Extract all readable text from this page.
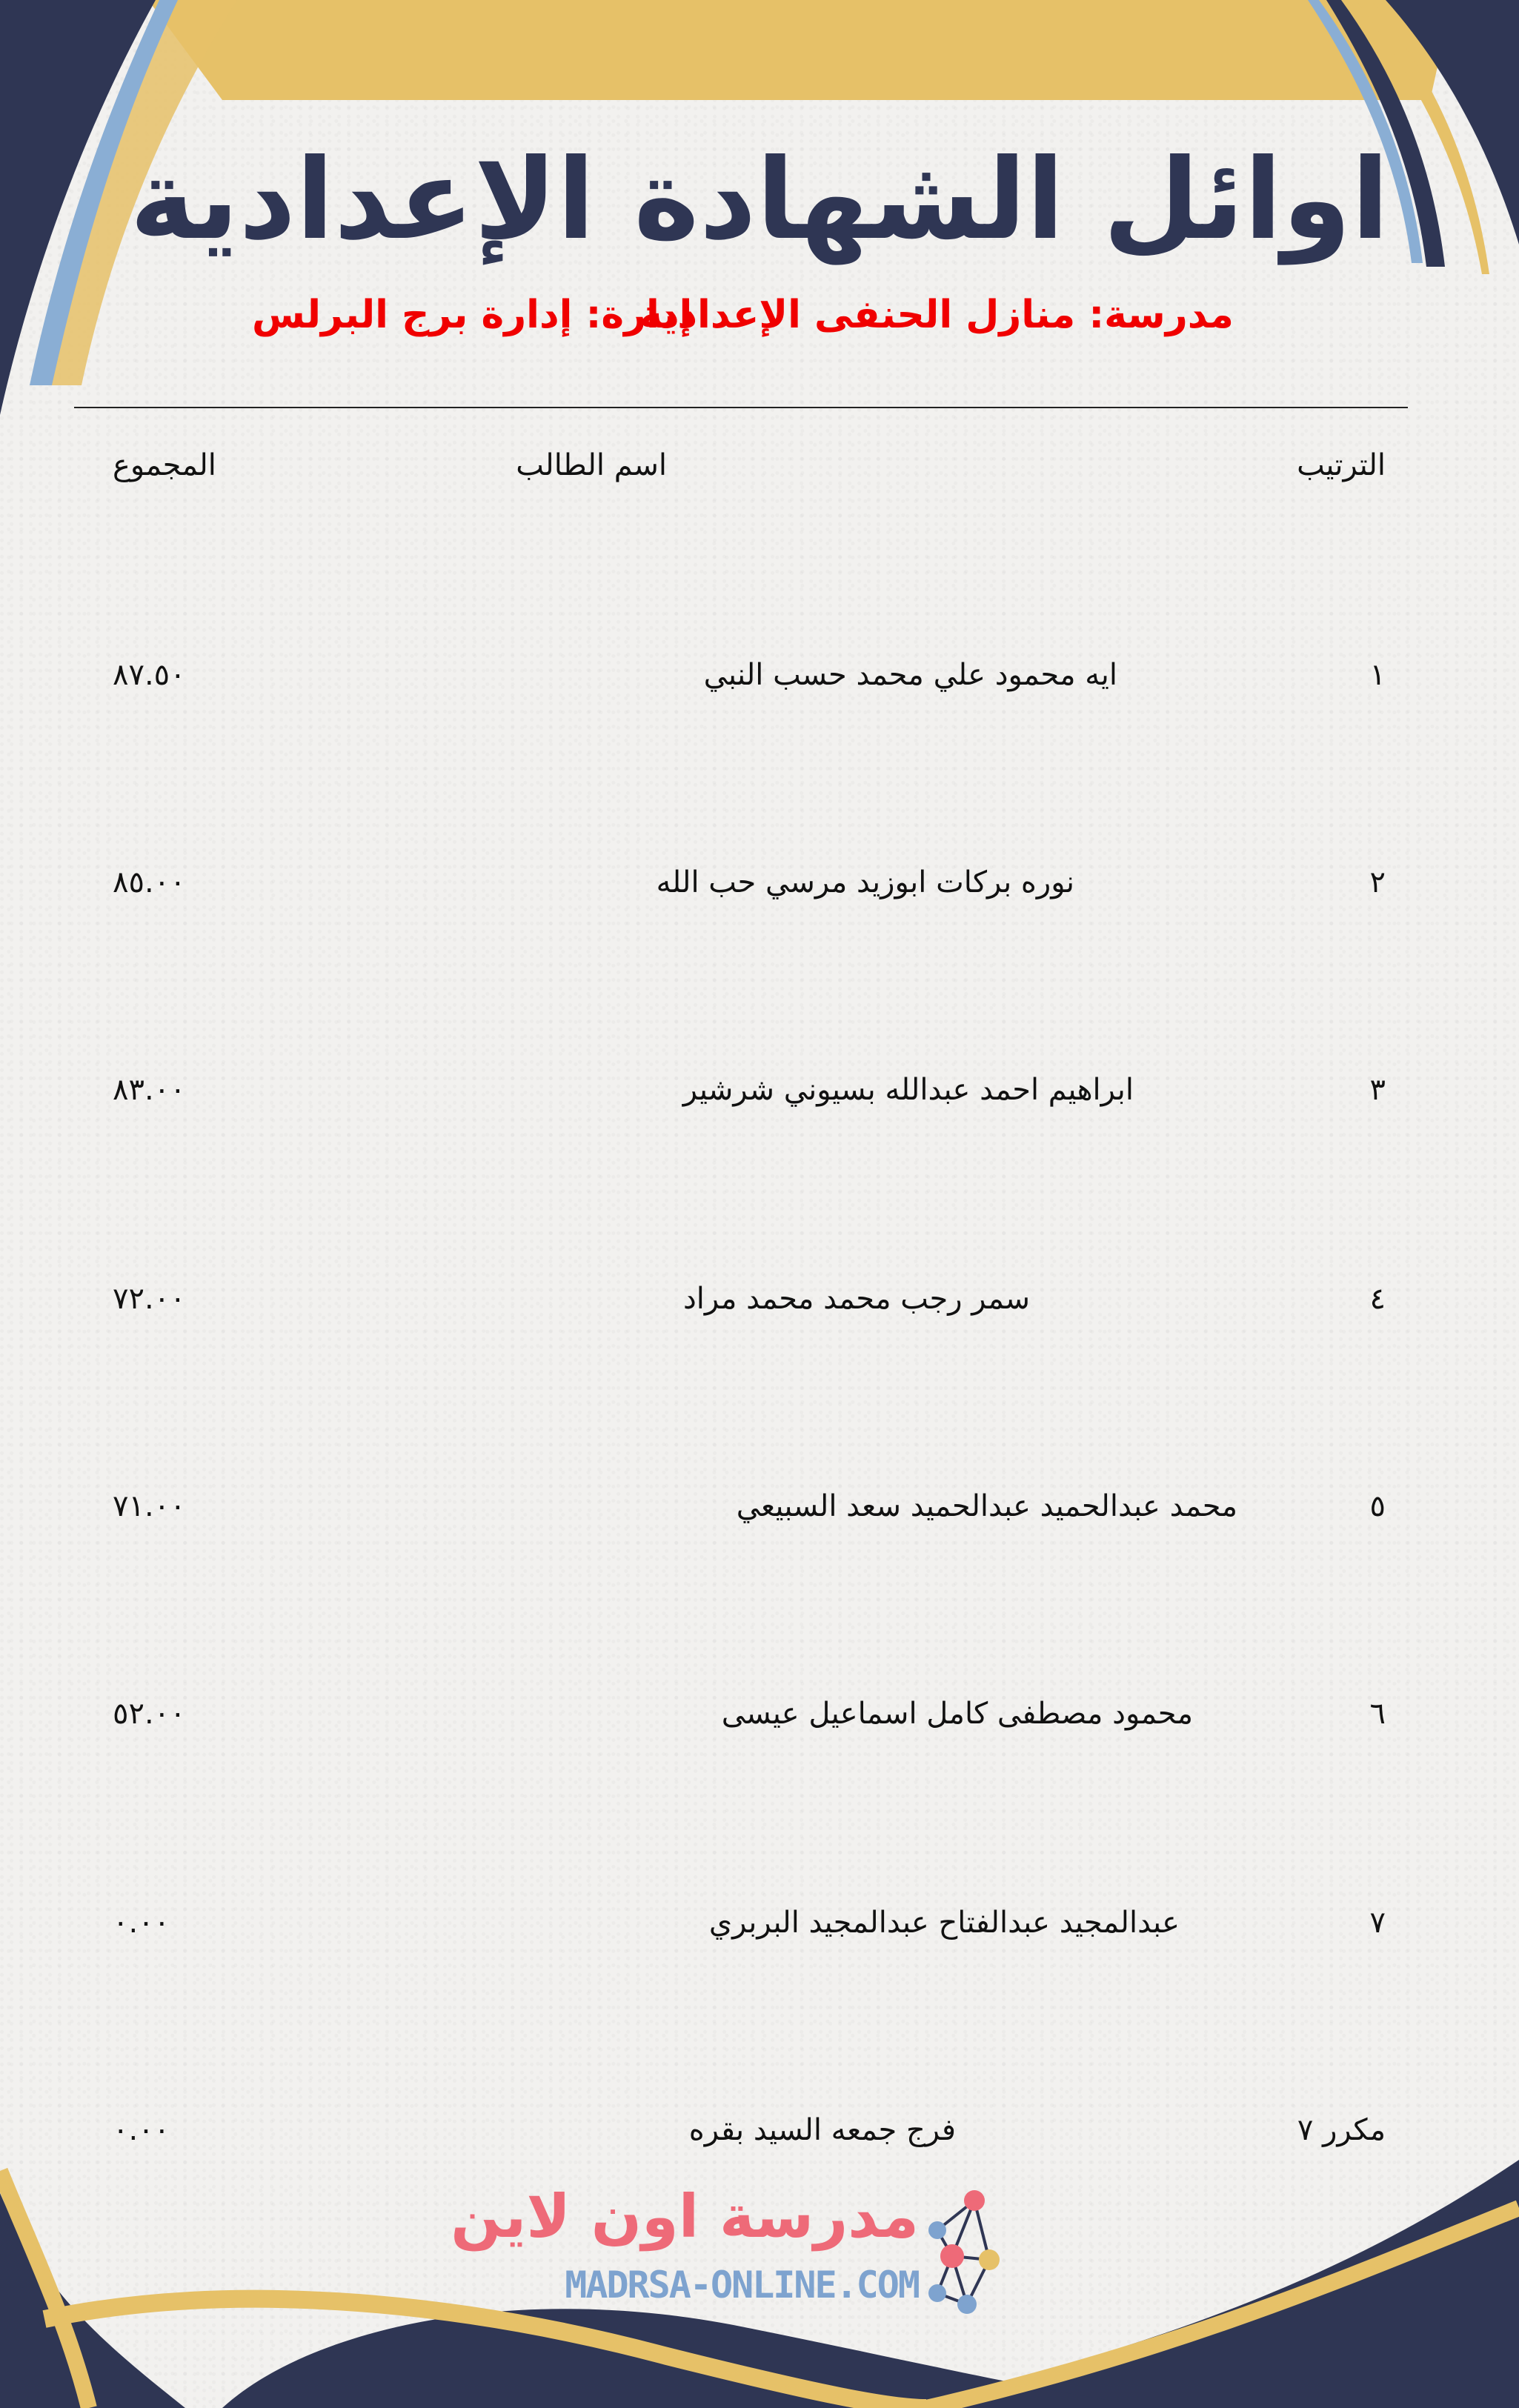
اوائل الشهادة الإعدادية
مدرسة: منازل الحنفى الإعدادية
إدارة: إدارة برج البرلس
الترتيب
اسم الطالب
المجموع
١
ايه محمود علي محمد حسب النبي
٨٧.٥٠
٢
نوره بركات ابوزيد مرسي حب الله
٨٥.٠٠
٣
ابراهيم احمد عبدالله بسيوني شرشير
٨٣.٠٠
٤
سمر رجب محمد محمد مراد
٧٢.٠٠
٥
محمد عبدالحميد عبدالحميد سعد السبيعي
٧١.٠٠
٦
محمود مصطفى كامل اسماعيل عيسى
٥٢.٠٠
٧
عبدالمجيد عبدالفتاح عبدالمجيد البربري
٠.٠٠
مكرر ٧
فرج جمعه السيد بقره
٠.٠٠
مدرسة اون لاين
MADRSA-ONLINE.COM
